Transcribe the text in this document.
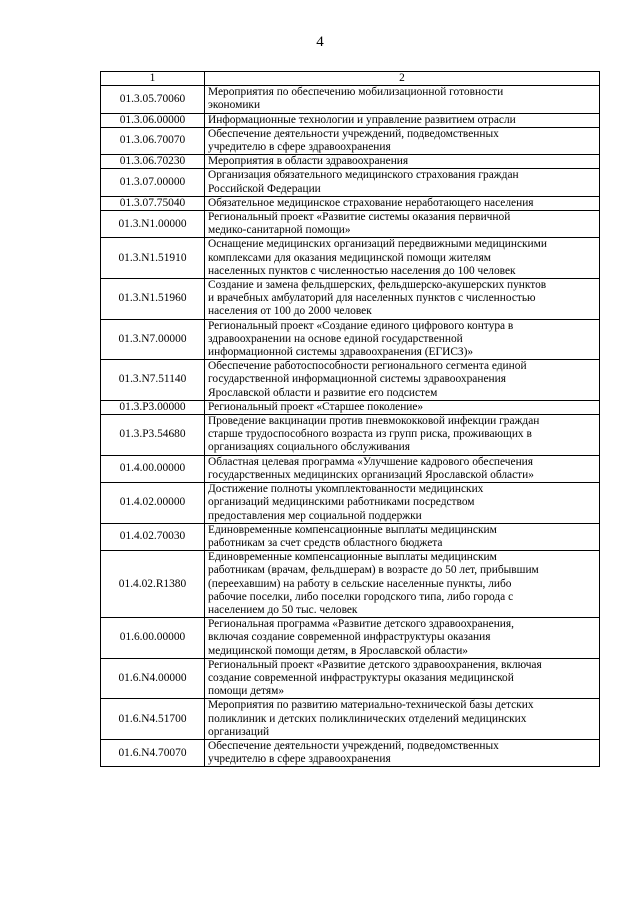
4
1	2
01.3.05.70060	Мероприятия по обеспечению мобилизационной готовности
экономики

01.3.06.00000	Информационные технологии и управление развитием отрасли

01.3.06.70070	Обеспечение деятельности учреждений, подведомственных
учредителю в сфере здравоохранения

01.3.06.70230	Мероприятия в области здравоохранения

01.3.07.00000	Организация обязательного медицинского страхования граждан
Российской Федерации

01.3.07.75040	Обязательное медицинское страхование неработающего населения

01.3.N1.00000	Региональный проект «Развитие системы оказания первичной
медико-санитарной помощи»

01.3.N1.51910	Оснащение медицинских организаций передвижными медицинскими
комплексами для оказания медицинской помощи жителям
населенных пунктов с численностью населения до 100 человек

01.3.N1.51960	Создание и замена фельдшерских, фельдшерско-акушерских пунктов
и врачебных амбулаторий для населенных пунктов с численностью
населения от 100 до 2000 человек

01.3.N7.00000	Региональный проект «Создание единого цифрового контура в
здравоохранении на основе единой государственной
информационной системы здравоохранения (ЕГИСЗ)»

01.3.N7.51140	Обеспечение работоспособности регионального сегмента единой
государственной информационной системы здравоохранения
Ярославской области и развитие его подсистем

01.3.P3.00000	Региональный проект «Старшее поколение»

01.3.P3.54680	Проведение вакцинации против пневмококковой инфекции граждан
старше трудоспособного возраста из групп риска, проживающих в
организациях социального обслуживания

01.4.00.00000	Областная целевая программа «Улучшение кадрового обеспечения
государственных медицинских организаций Ярославской области»

01.4.02.00000	Достижение полноты укомплектованности медицинских
организаций медицинскими работниками посредством
предоставления мер социальной поддержки

01.4.02.70030	Единовременные компенсационные выплаты медицинским
работникам за счет средств областного бюджета

01.4.02.R1380	Единовременные компенсационные выплаты медицинским
работникам (врачам, фельдшерам) в возрасте до 50 лет, прибывшим
(переехавшим) на работу в сельские населенные пункты, либо
рабочие поселки, либо поселки городского типа, либо города с
населением до 50 тыс. человек

01.6.00.00000	Региональная программа «Развитие детского здравоохранения,
включая создание современной инфраструктуры оказания
медицинской помощи детям, в Ярославской области»

01.6.N4.00000	Региональный проект «Развитие детского здравоохранения, включая
создание современной инфраструктуры оказания медицинской
помощи детям»

01.6.N4.51700	Мероприятия по развитию материально-технической базы детских
поликлиник и детских поликлинических отделений медицинских
организаций

01.6.N4.70070	Обеспечение деятельности учреждений, подведомственных
учредителю в сфере здравоохранения
